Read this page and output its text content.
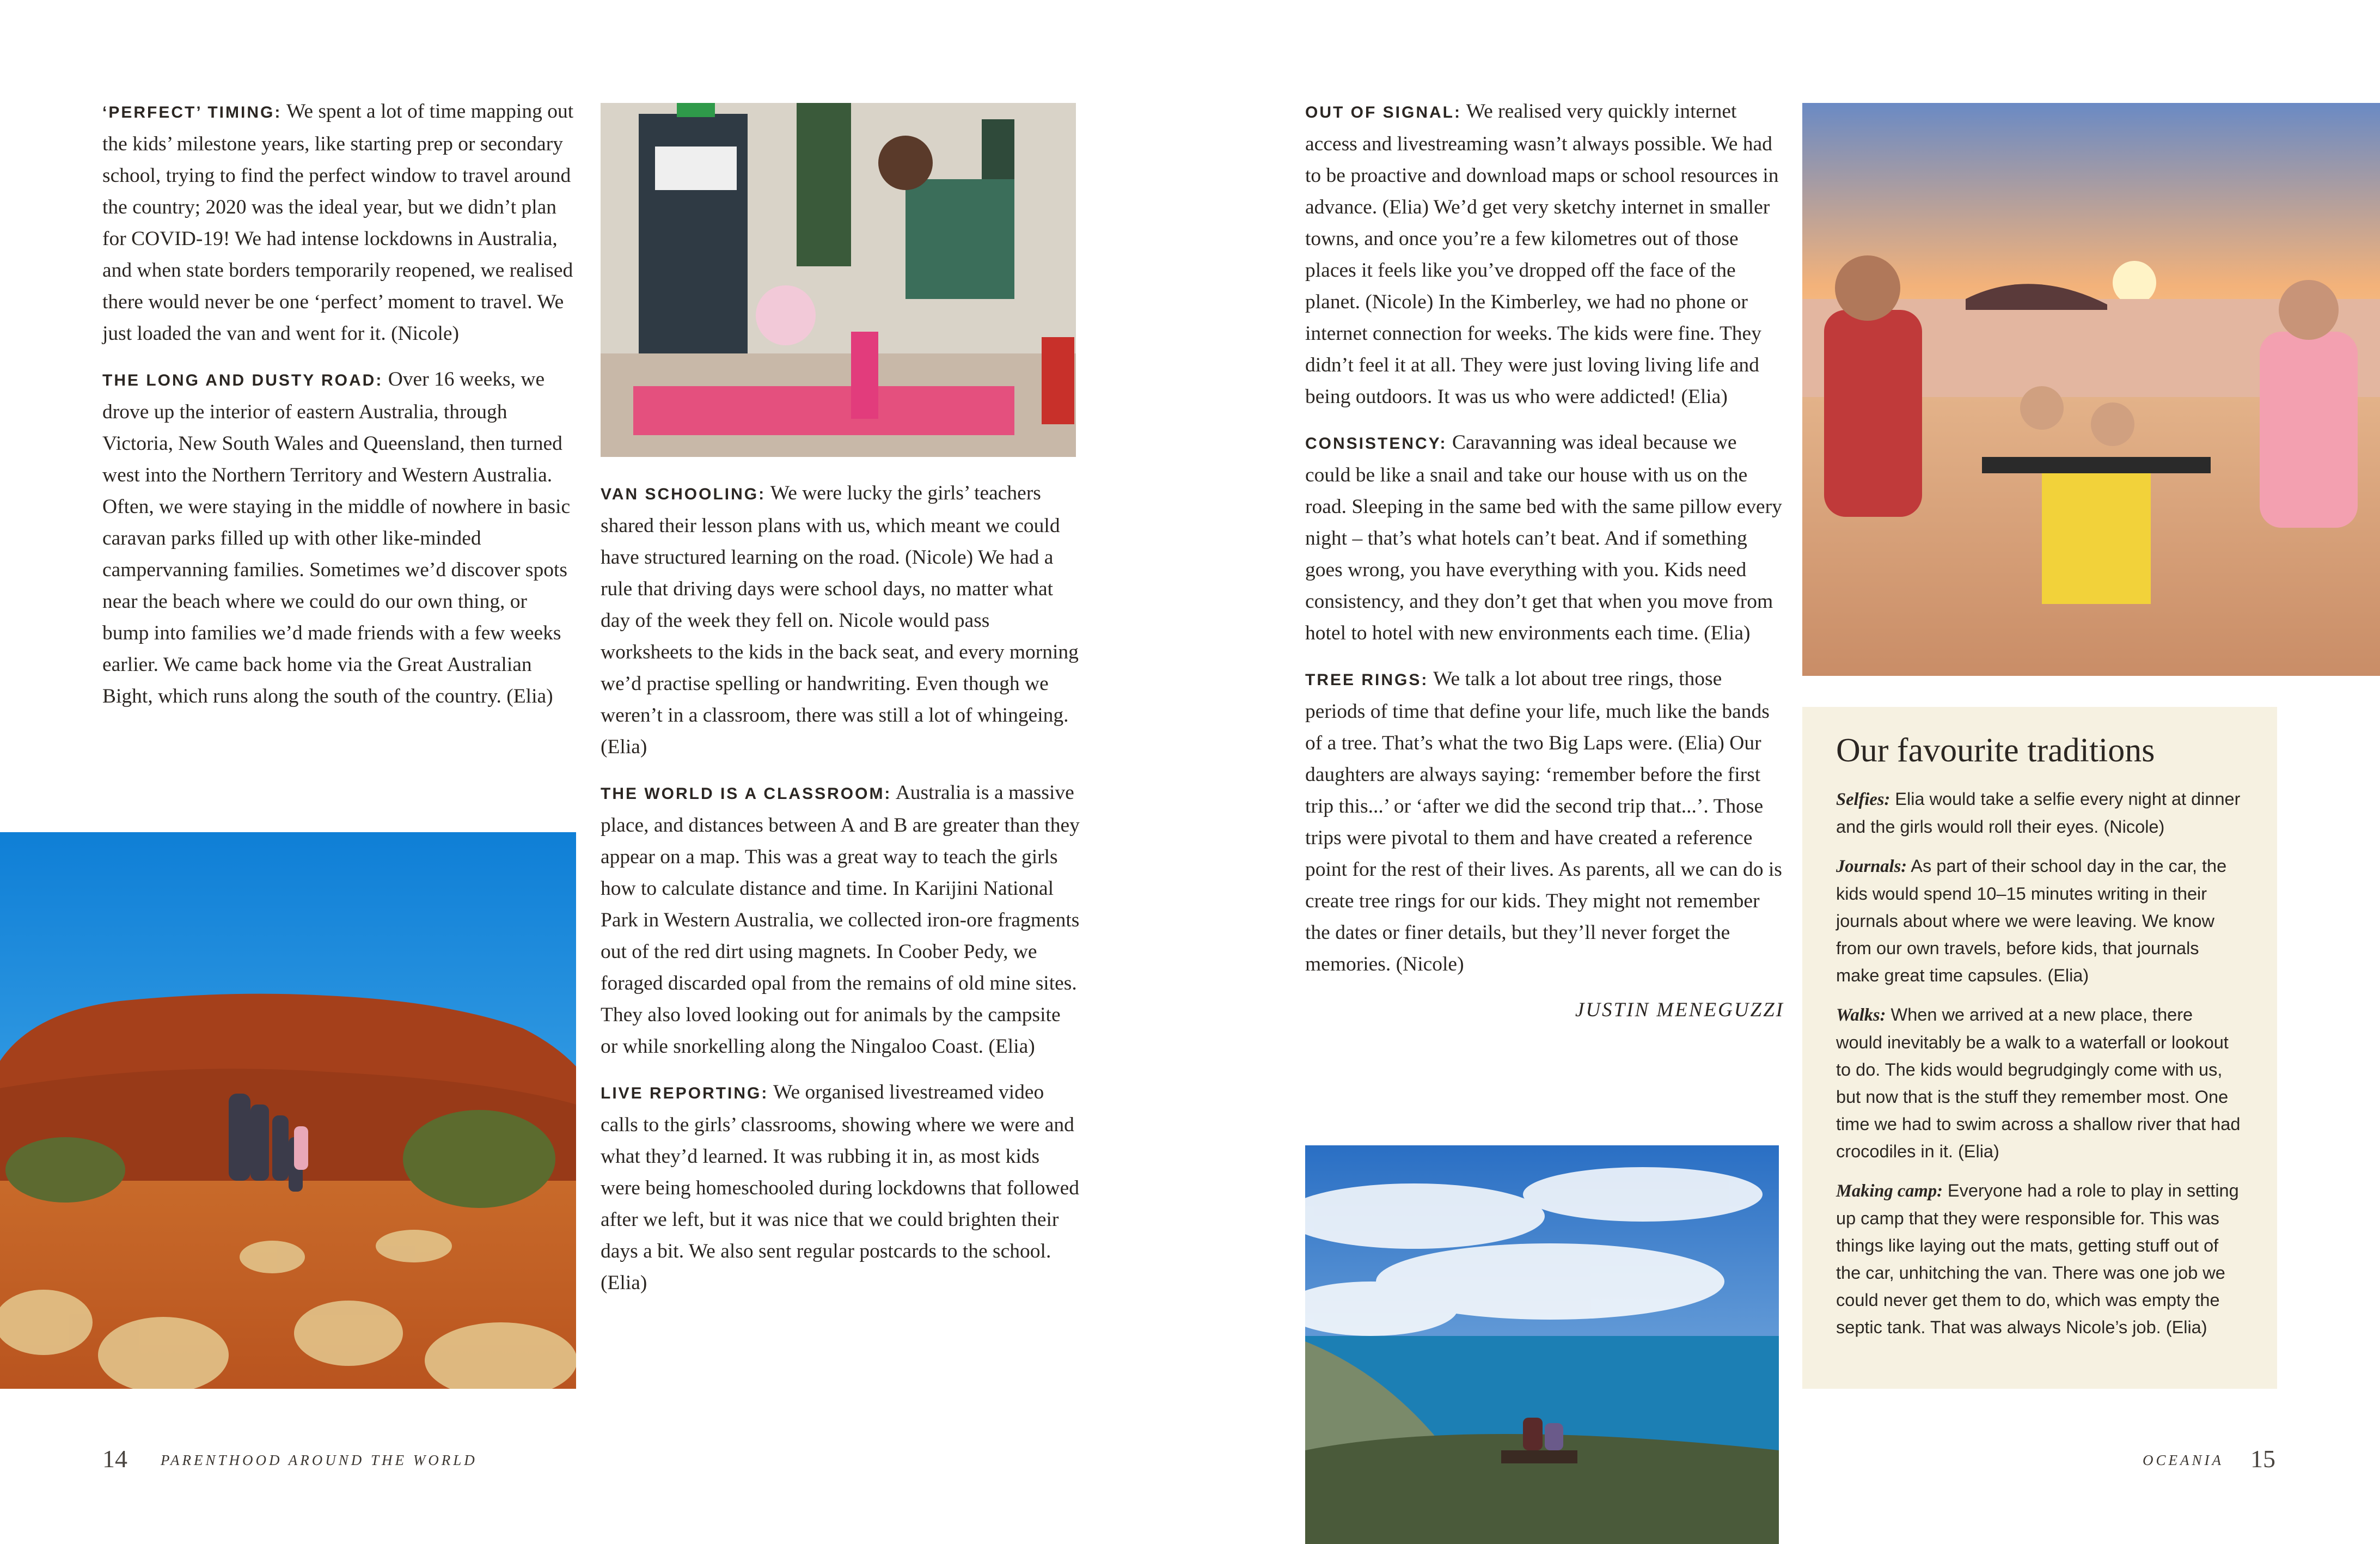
‘PERFECT’ TIMING: We spent a lot of time mapping out the kids’ milestone years, like starting prep or secondary school, trying to find the perfect window to travel around the country; 2020 was the ideal year, but we didn’t plan for COVID-19! We had intense lockdowns in Australia, and when state borders temporarily reopened, we realised there would never be one ‘perfect’ moment to travel. We just loaded the van and went for it. (Nicole)

THE LONG AND DUSTY ROAD: Over 16 weeks, we drove up the interior of eastern Australia, through Victoria, New South Wales and Queensland, then turned west into the Northern Territory and Western Australia. Often, we were staying in the middle of nowhere in basic caravan parks filled up with other like-minded campervanning families. Sometimes we’d discover spots near the beach where we could do our own thing, or bump into families we’d made friends with a few weeks earlier. We came back home via the Great Australian Bight, which runs along the south of the country. (Elia)

VAN SCHOOLING: We were lucky the girls’ teachers shared their lesson plans with us, which meant we could have structured learning on the road. (Nicole) We had a rule that driving days were school days, no matter what day of the week they fell on. Nicole would pass worksheets to the kids in the back seat, and every morning we’d practise spelling or handwriting. Even though we weren’t in a classroom, there was still a lot of whingeing. (Elia)

THE WORLD IS A CLASSROOM: Australia is a massive place, and distances between A and B are greater than they appear on a map. This was a great way to teach the girls how to calculate distance and time. In Karijini National Park in Western Australia, we collected iron-ore fragments out of the red dirt using magnets. In Coober Pedy, we foraged discarded opal from the remains of old mine sites. They also loved looking out for animals by the campsite or while snorkelling along the Ningaloo Coast. (Elia)

LIVE REPORTING: We organised livestreamed video calls to the girls’ classrooms, showing where we were and what they’d learned. It was rubbing it in, as most kids were being homeschooled during lockdowns that followed after we left, but it was nice that we could brighten their days a bit. We also sent regular postcards to the school. (Elia)

14 PARENTHOOD AROUND THE WORLD

OUT OF SIGNAL: We realised very quickly internet access and livestreaming wasn’t always possible. We had to be proactive and download maps or school resources in advance. (Elia) We’d get very sketchy internet in smaller towns, and once you’re a few kilometres out of those places it feels like you’ve dropped off the face of the planet. (Nicole) In the Kimberley, we had no phone or internet connection for weeks. The kids were fine. They didn’t feel it at all. They were just loving living life and being outdoors. It was us who were addicted! (Elia)

CONSISTENCY: Caravanning was ideal because we could be like a snail and take our house with us on the road. Sleeping in the same bed with the same pillow every night – that’s what hotels can’t beat. And if something goes wrong, you have everything with you. Kids need consistency, and they don’t get that when you move from hotel to hotel with new environments each time. (Elia)

TREE RINGS: We talk a lot about tree rings, those periods of time that define your life, much like the bands of a tree. That’s what the two Big Laps were. (Elia) Our daughters are always saying: ‘remember before the first trip this...’ or ‘after we did the second trip that...’. Those trips were pivotal to them and have created a reference point for the rest of their lives. As parents, all we can do is create tree rings for our kids. They might not remember the dates or finer details, but they’ll never forget the memories. (Nicole)

JUSTIN MENEGUZZI
Our favourite traditions

Selfies: Elia would take a selfie every night at dinner and the girls would roll their eyes. (Nicole)

Journals: As part of their school day in the car, the kids would spend 10–15 minutes writing in their journals about where we were leaving. We know from our own travels, before kids, that journals make great time capsules. (Elia)

Walks: When we arrived at a new place, there would inevitably be a walk to a waterfall or lookout to do. The kids would begrudgingly come with us, but now that is the stuff they remember most. One time we had to swim across a shallow river that had crocodiles in it. (Elia)

Making camp: Everyone had a role to play in setting up camp that they were responsible for. This was things like laying out the mats, getting stuff out of the car, unhitching the van. There was one job we could never get them to do, which was empty the septic tank. That was always Nicole’s job. (Elia)

OCEANIA 15
